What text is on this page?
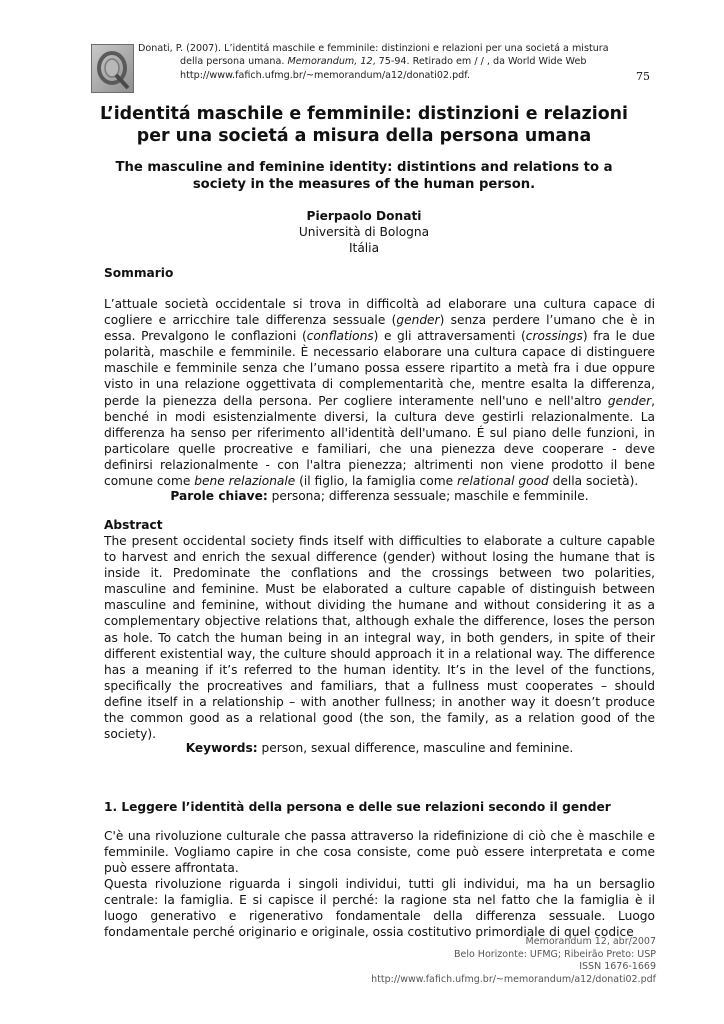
Donati, P. (2007). L’identitá maschile e femminile: distinzioni e relazioni per una societá a mistura
della persona umana. Memorandum, 12, 75-94. Retirado em / / , da World Wide Web
http://www.fafich.ufmg.br/~memorandum/a12/donati02.pdf.	75
L’identitá maschile e femminile: distinzioni e relazioni per una societá a misura della persona umana
The masculine and feminine identity: distintions and relations to a society in the measures of the human person.
Pierpaolo Donati
Università di Bologna
Itália
Sommario

L’attuale società occidentale si trova in difficoltà ad elaborare una cultura capace di cogliere e arricchire tale differenza sessuale (gender) senza perdere l’umano che è in essa. Prevalgono le conflazioni (conflations) e gli attraversamenti (crossings) fra le due polarità, maschile e femminile. È necessario elaborare una cultura capace di distinguere maschile e femminile senza che l’umano possa essere ripartito a metà fra i due oppure visto in una relazione oggettivata di complementarità che, mentre esalta la differenza, perde la pienezza della persona. Per cogliere interamente nell'uno e nell'altro gender, benché in modi esistenzialmente diversi, la cultura deve gestirli relazionalmente. La differenza ha senso per riferimento all'identità dell'umano. É sul piano delle funzioni, in particolare quelle procreative e familiari, che una pienezza deve cooperare - deve definirsi relazionalmente - con l'altra pienezza; altrimenti non viene prodotto il bene comune come bene relazionale (il figlio, la famiglia come relational good della società).

Parole chiave: persona; differenza sessuale; maschile e femminile.
Abstract

The present occidental society finds itself with difficulties to elaborate a culture capable to harvest and enrich the sexual difference (gender) without losing the humane that is inside it. Predominate the conflations and the crossings between two polarities, masculine and feminine. Must be elaborated a culture capable of distinguish between masculine and feminine, without dividing the humane and without considering it as a complementary objective relations that, although exhale the difference, loses the person as hole. To catch the human being in an integral way, in both genders, in spite of their different existential way, the culture should approach it in a relational way. The difference has a meaning if it’s referred to the human identity. It’s in the level of the functions, specifically the procreatives and familiars, that a fullness must cooperates – should define itself in a relationship – with another fullness; in another way it doesn’t produce the common good as a relational good (the son, the family, as a relation good of the society).

Keywords: person, sexual difference, masculine and feminine.
1. Leggere l’identità della persona e delle sue relazioni secondo il gender

C'è una rivoluzione culturale che passa attraverso la ridefinizione di ciò che è maschile e femminile. Vogliamo capire in che cosa consiste, come può essere interpretata e come può essere affrontata.

Questa rivoluzione riguarda i singoli individui, tutti gli individui, ma ha un bersaglio centrale: la famiglia. E si capisce il perché: la ragione sta nel fatto che la famiglia è il luogo generativo e rigenerativo fondamentale della differenza sessuale. Luogo fondamentale perché originario e originale, ossia costitutivo primordiale di quel codice

Memorandum 12, abr/2007
Belo Horizonte: UFMG; Ribeirão Preto: USP
ISSN 1676-1669
http://www.fafich.ufmg.br/~memorandum/a12/donati02.pdf
